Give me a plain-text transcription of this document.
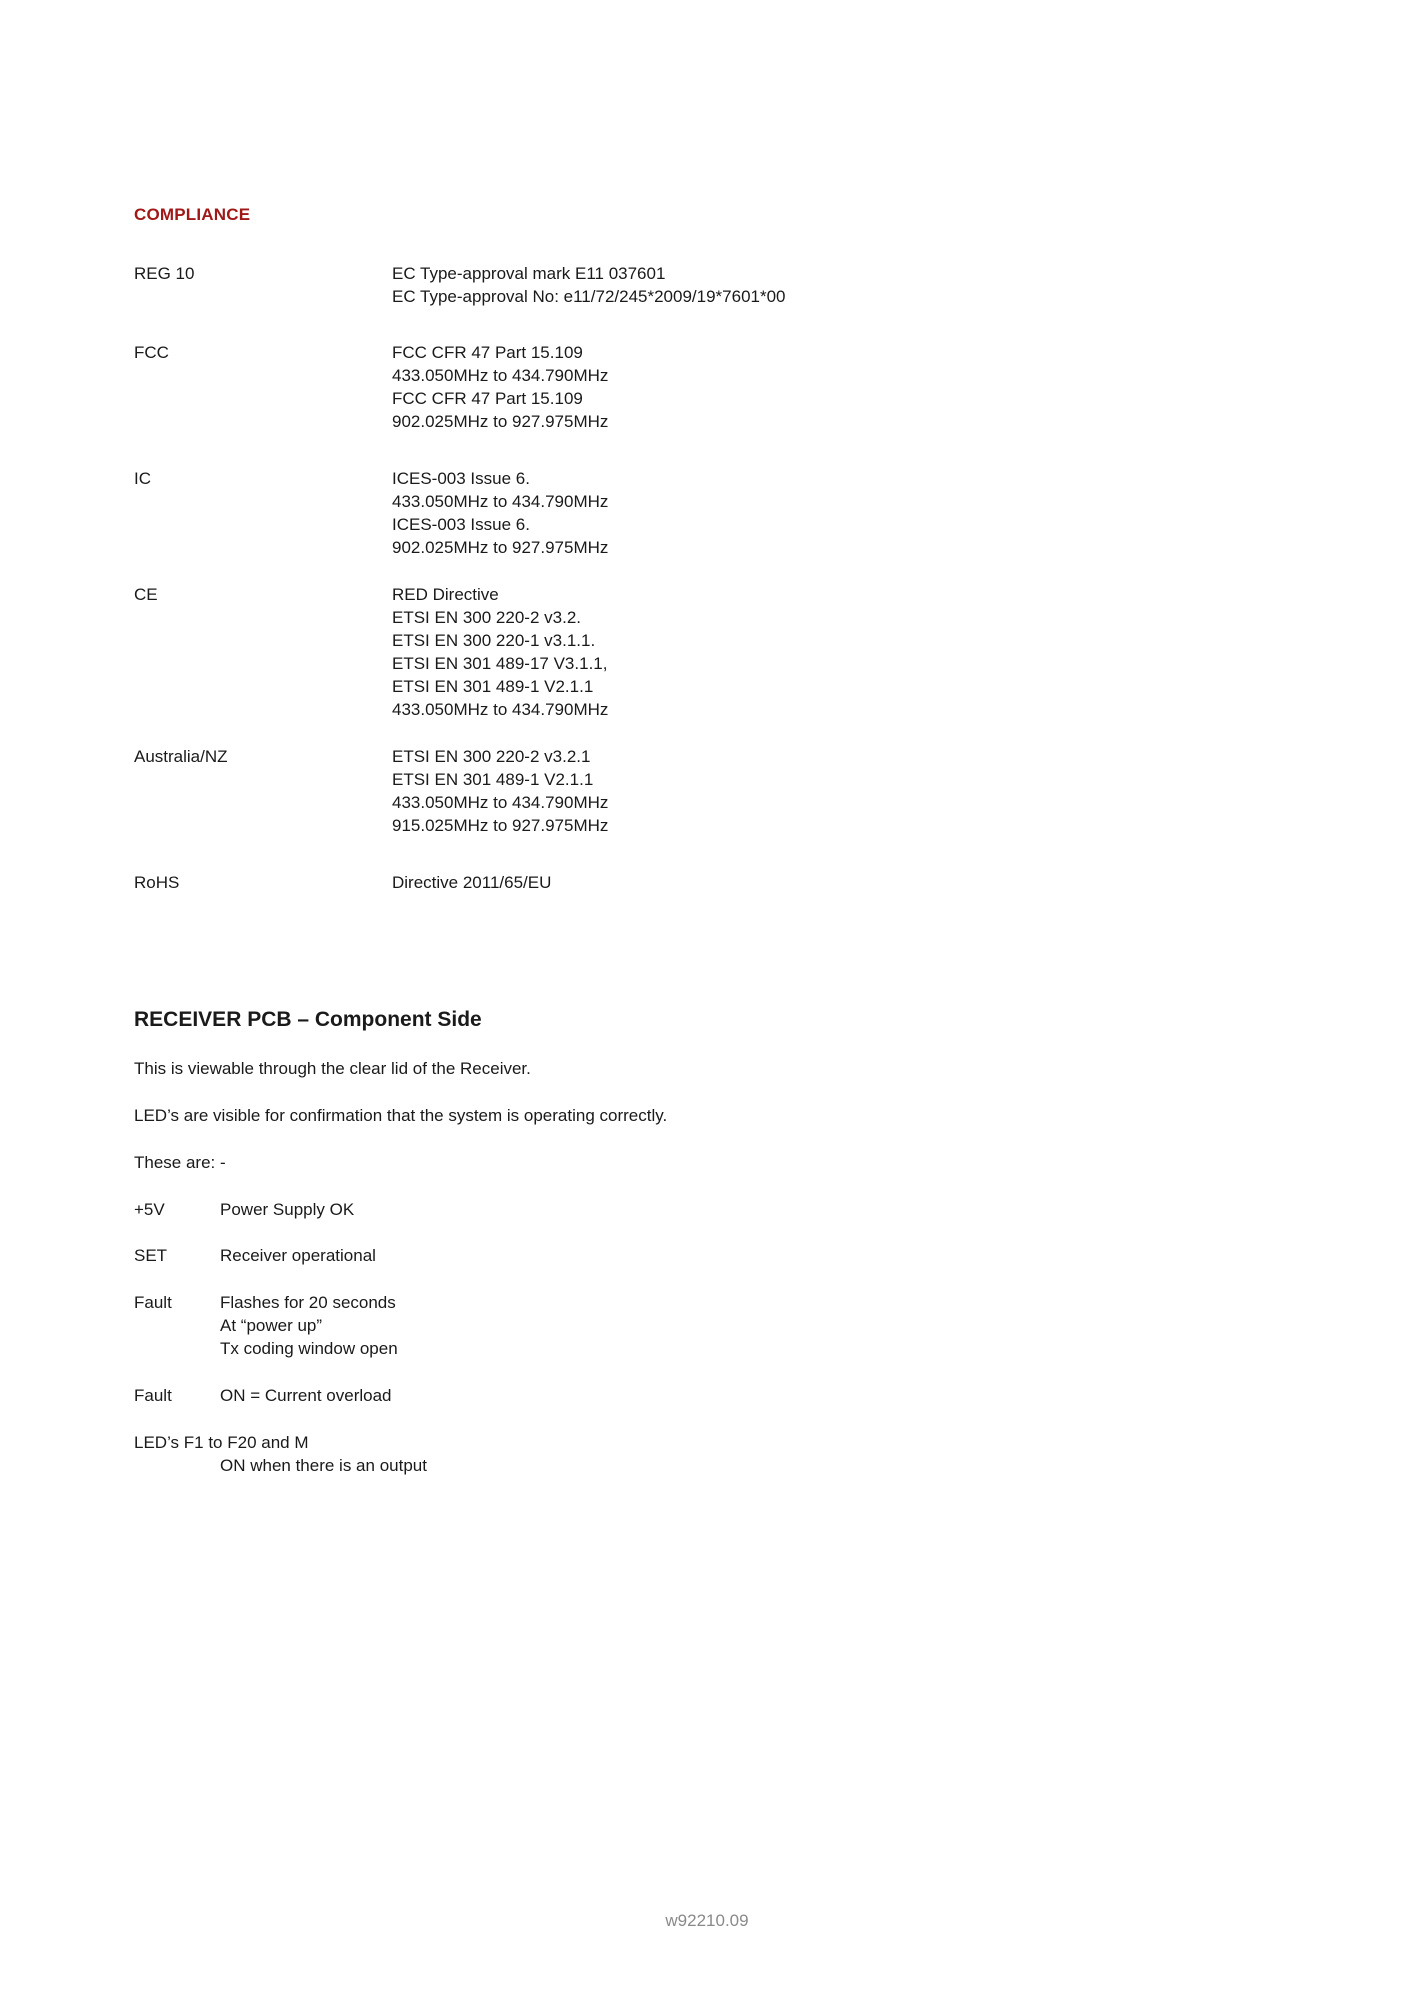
COMPLIANCE
REG 10	EC Type-approval mark E11 037601
EC Type-approval No: e11/72/245*2009/19*7601*00
FCC	FCC CFR 47 Part 15.109
433.050MHz to 434.790MHz
FCC CFR 47 Part 15.109
902.025MHz to 927.975MHz
IC	ICES-003 Issue 6.
433.050MHz to 434.790MHz
ICES-003 Issue 6.
902.025MHz to 927.975MHz
CE	RED Directive
ETSI EN 300 220-2 v3.2.
ETSI EN 300 220-1 v3.1.1.
ETSI EN 301 489-17 V3.1.1,
ETSI EN 301 489-1 V2.1.1
433.050MHz to 434.790MHz
Australia/NZ	ETSI EN 300 220-2 v3.2.1
ETSI EN 301 489-1 V2.1.1
433.050MHz to 434.790MHz
915.025MHz to 927.975MHz
RoHS	Directive 2011/65/EU
RECEIVER PCB – Component Side
This is viewable through the clear lid of the Receiver.
LED’s are visible for confirmation that the system is operating correctly.
These are: -
+5V	Power Supply OK
SET	Receiver operational
Fault	Flashes for 20 seconds
At “power up”
Tx coding window open
Fault	ON = Current overload
LED’s F1 to F20 and M
ON when there is an output
w92210.09
